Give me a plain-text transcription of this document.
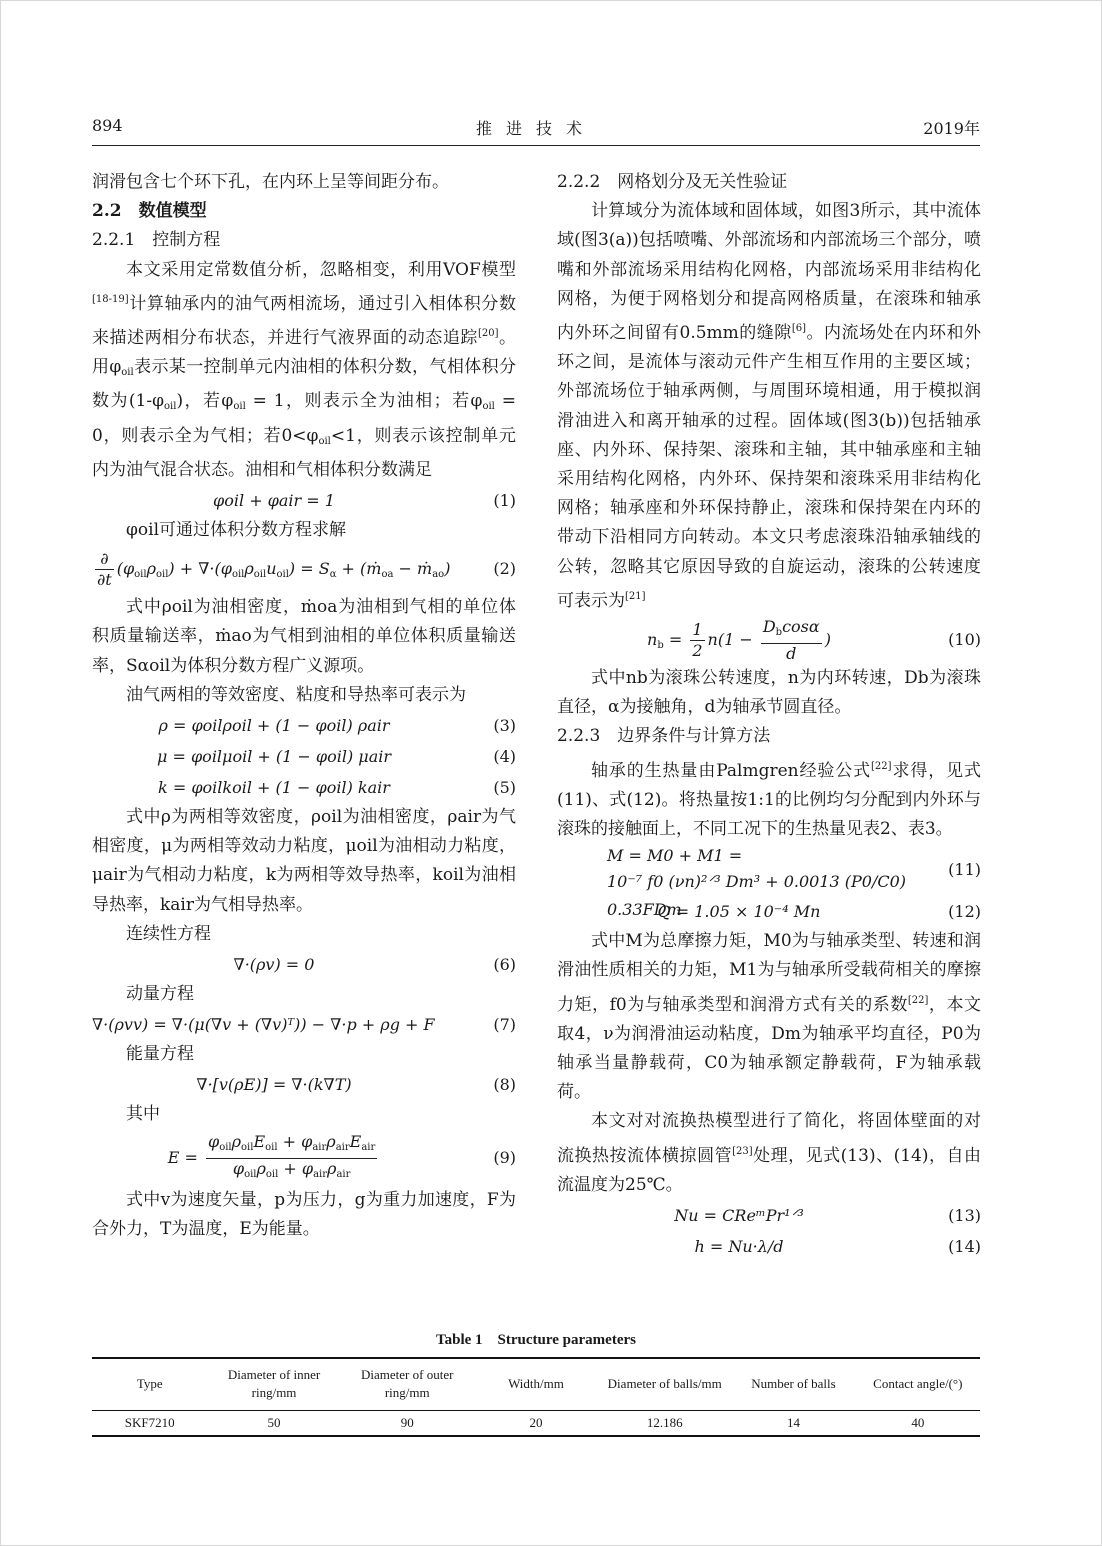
894	推进技术	2019年
润滑包含七个环下孔，在内环上呈等间距分布。
2.2　数值模型
2.2.1　控制方程
本文采用定常数值分析，忽略相变，利用VOF模型[18-19]计算轴承内的油气两相流场，通过引入相体积分数来描述两相分布状态，并进行气液界面的动态追踪[20]。用$\varphi_{oil}$表示某一控制单元内油相的体积分数，气相体积分数为$(1-\varphi_{oil})$，若$\varphi_{oil} = 1$，则表示全为油相；若$\varphi_{oil} = 0$，则表示全为气相；若$0<\varphi_{oil}<1$，则表示该控制单元内为油气混合状态。油相和气相体积分数满足
φoil + φair = 1	(1)
φoil可通过体积分数方程求解
$\frac{\partial}{\partial t} (\varphi_{oil}\rho_{oil}) + \nabla\cdot(\varphi_{oil}\rho_{oil}u_{oil}) = S_\alpha$ + (ṁ$_{oa}$ − ṁ$_{ao}$)	(2)
式中ρoil为油相密度，ṁoa为油相到气相的单位体积质量输送率，ṁao为气相到油相的单位体积质量输送率，Sαoil为体积分数方程广义源项。
油气两相的等效密度、粘度和导热率可表示为
ρ = φoilρoil + (1 − φoil) ρair	(3)
μ = φoilμoil + (1 − φoil) μair	(4)
k = φoilkoil + (1 − φoil) kair	(5)
式中ρ为两相等效密度，ρoil为油相密度，ρair为气相密度，μ为两相等效动力粘度，μoil为油相动力粘度，μair为气相动力粘度，k为两相等效导热率，koil为油相导热率，kair为气相导热率。
连续性方程
∇·(ρv) = 0	(6)
动量方程
∇·(ρvv) = ∇·(μ(∇v + (∇v)ᵀ)) − ∇·p + ρg + F	(7)
能量方程
∇·[v(ρE)] = ∇·(k∇T)	(8)
其中
$E = \frac{\varphi_{oil}\rho_{oil}E_{oil} + \varphi_{air}\rho_{air}E_{air}}{\varphi_{oil}\rho_{oil} + \varphi_{air}\rho_{air}}$	(9)
式中v为速度矢量，p为压力，g为重力加速度，F为合外力，T为温度，E为能量。
2.2.2　网格划分及无关性验证
计算域分为流体域和固体域，如图3所示，其中流体域(图3(a))包括喷嘴、外部流场和内部流场三个部分，喷嘴和外部流场采用结构化网格，内部流场采用非结构化网格，为便于网格划分和提高网格质量，在滚珠和轴承内外环之间留有0.5mm的缝隙[6]。内流场处在内环和外环之间，是流体与滚动元件产生相互作用的主要区域；外部流场位于轴承两侧，与周围环境相通，用于模拟润滑油进入和离开轴承的过程。固体域(图3(b))包括轴承座、内外环、保持架、滚珠和主轴，其中轴承座和主轴采用结构化网格，内外环、保持架和滚珠采用非结构化网格；轴承座和外环保持静止，滚珠和保持架在内环的带动下沿相同方向转动。本文只考虑滚珠沿轴承轴线的公转，忽略其它原因导致的自旋运动，滚珠的公转速度可表示为[21]
$n_b = \frac{1}{2} n(1 - \frac{D_b\cos\alpha}{d}$ )	(10)
式中nb为滚珠公转速度，n为内环转速，Db为滚珠直径，α为接触角，d为轴承节圆直径。
2.2.3　边界条件与计算方法
轴承的生热量由Palmgren经验公式[22]求得，见式(11)、式(12)。将热量按1:1的比例均匀分配到内外环与滚珠的接触面上，不同工况下的生热量见表2、表3。
M = M0 + M1 =
10⁻⁷ f0 (νn)²ᐟ³ Dm³ + 0.0013 (P0/C0) 0.33FDm
(11)
Q = 1.05 × 10⁻⁴ Mn	(12)
式中M为总摩擦力矩，M0为与轴承类型、转速和润滑油性质相关的力矩，M1为与轴承所受载荷相关的摩擦力矩，f0为与轴承类型和润滑方式有关的系数[22]，本文取4，ν为润滑油运动粘度，Dm为轴承平均直径，P0为轴承当量静载荷，C0为轴承额定静载荷，F为轴承载荷。
本文对对流换热模型进行了简化，将固体壁面的对流换热按流体横掠圆管[23]处理，见式(13)、(14)，自由流温度为25℃。
Nu = CReᵐPr¹ᐟ³	(13)
h = Nu·λ/d	(14)
Table 1　Structure parameters
Type	Diameter of inner ring/mm	Diameter of outer ring/mm	Width/mm	Diameter of balls/mm	Number of balls	Contact angle/(°)
SKF7210	50	90	20	12.186	14	40
